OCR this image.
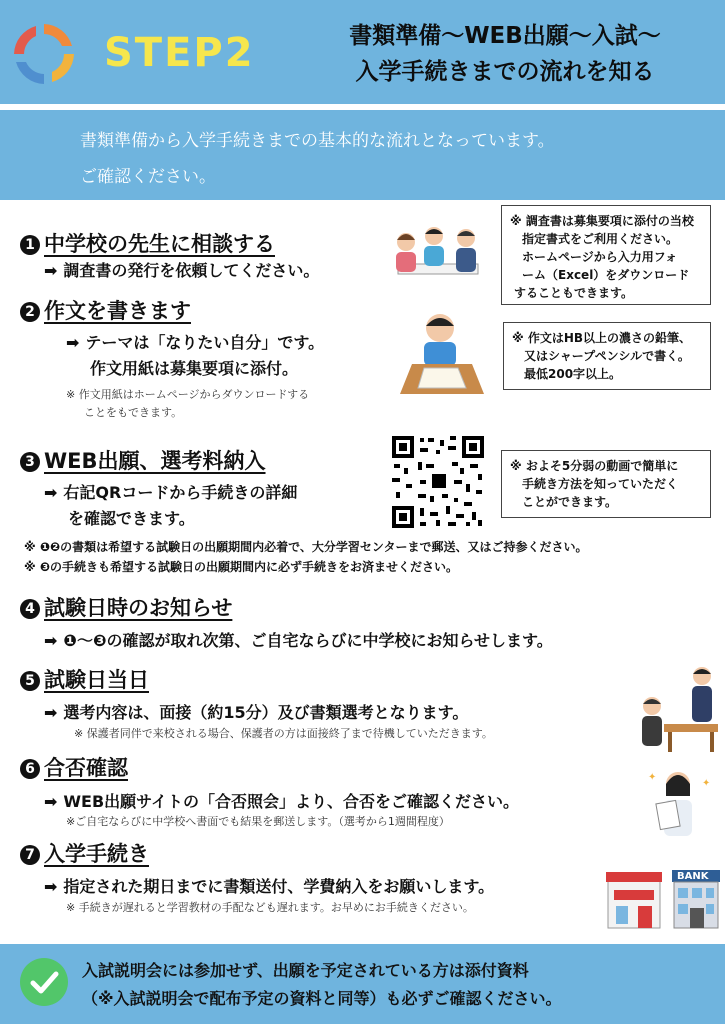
STEP2	書類準備〜WEB出願〜入試〜
入学手続きまでの流れを知る

書類準備から入学手続きまでの基本的な流れとなっています。

ご確認ください。

1 中学校の先生に相談する
➡ 調査書の発行を依頼してください。
※ 調査書は募集要項に添付の当校
指定書式をご利用ください。
ホームページから入力用フォ
ーム（Excel）をダウンロード
することもできます。
2 作文を書きます
➡ テーマは「なりたい自分」です。
作文用紙は募集要項に添付。
※ 作文用紙はホームページからダウンロードする
ことをもできます。
※ 作文はHB以上の濃さの鉛筆、
又はシャープペンシルで書く。
最低200字以上。
3 WEB出願、選考料納入
➡ 右記QRコードから手続きの詳細
を確認できます。
※ およそ5分弱の動画で簡単に
手続き方法を知っていただく
ことができます。
※ ❶❷の書類は希望する試験日の出願期間内必着で、大分学習センターまで郵送、又はご持参ください。
※ ❸の手続きも希望する試験日の出願期間内に必ず手続きをお済ませください。
4 試験日時のお知らせ
➡ ❶〜❸の確認が取れ次第、ご自宅ならびに中学校にお知らせします。
5 試験日当日
➡ 選考内容は、面接（約15分）及び書類選考となります。
※ 保護者同伴で来校される場合、保護者の方は面接終了まで待機していただきます。
6 合否確認
➡ WEB出願サイトの「合否照会」より、合否をご確認ください。
※ご自宅ならびに中学校へ書面でも結果を郵送します。（選考から1週間程度）
✦
✦
7 入学手続き
➡ 指定された期日までに書類送付、学費納入をお願いします。
※ 手続きが遅れると学習教材の手配なども遅れます。お早めにお手続きください。
BANK
入試説明会には参加せず、出願を予定されている方は添付資料
（※入試説明会で配布予定の資料と同等）も必ずご確認ください。
